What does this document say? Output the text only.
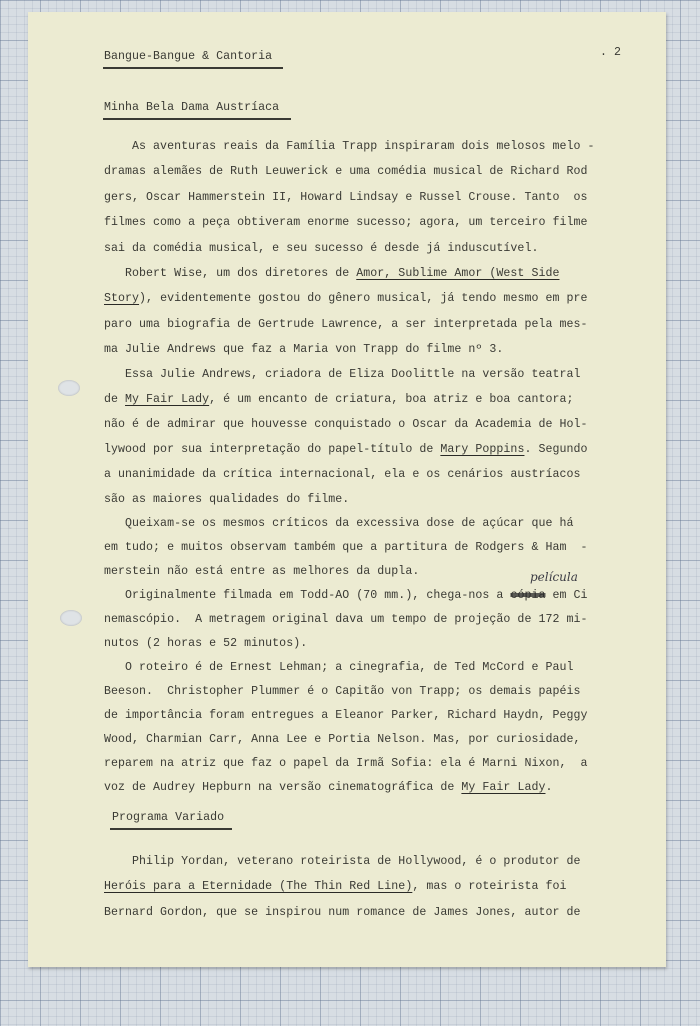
Bangue-Bangue & Cantoria	. 2

Minha Bela Dama Austríaca

As aventuras reais da Família Trapp inspiraram dois melosos melo -

dramas alemães de Ruth Leuwerick e uma comédia musical de Richard Rod

gers, Oscar Hammerstein II, Howard Lindsay e Russel Crouse. Tanto  os

filmes como a peça obtiveram enorme sucesso; agora, um terceiro filme

sai da comédia musical, e seu sucesso é desde já induscutível.

Robert Wise, um dos diretores de Amor, Sublime Amor (West Side

Story), evidentemente gostou do gênero musical, já tendo mesmo em pre

paro uma biografia de Gertrude Lawrence, a ser interpretada pela mes-

ma Julie Andrews que faz a Maria von Trapp do filme nº 3.

Essa Julie Andrews, criadora de Eliza Doolittle na versão teatral

de My Fair Lady, é um encanto de criatura, boa atriz e boa cantora;

não é de admirar que houvesse conquistado o Oscar da Academia de Hol-

lywood por sua interpretação do papel-título de Mary Poppins. Segundo

a unanimidade da crítica internacional, ela e os cenários austríacos

são as maiores qualidades do filme.

Queixam-se os mesmos críticos da excessiva dose de açúcar que há

em tudo; e muitos observam também que a partitura de Rodgers & Ham  -

merstein não está entre as melhores da dupla.	película

Originalmente filmada em Todd-AO (70 mm.), chega-nos a cópia em Ci

nemascópio.  A metragem original dava um tempo de projeção de 172 mi-

nutos (2 horas e 52 minutos).

O roteiro é de Ernest Lehman; a cinegrafia, de Ted McCord e Paul

Beeson.  Christopher Plummer é o Capitão von Trapp; os demais papéis

de importância foram entregues a Eleanor Parker, Richard Haydn, Peggy

Wood, Charmian Carr, Anna Lee e Portia Nelson. Mas, por curiosidade,

reparem na atriz que faz o papel da Irmã Sofia: ela é Marni Nixon,  a

voz de Audrey Hepburn na versão cinematográfica de My Fair Lady.

Programa Variado

Philip Yordan, veterano roteirista de Hollywood, é o produtor de

Heróis para a Eternidade (The Thin Red Line), mas o roteirista foi

Bernard Gordon, que se inspirou num romance de James Jones, autor de
